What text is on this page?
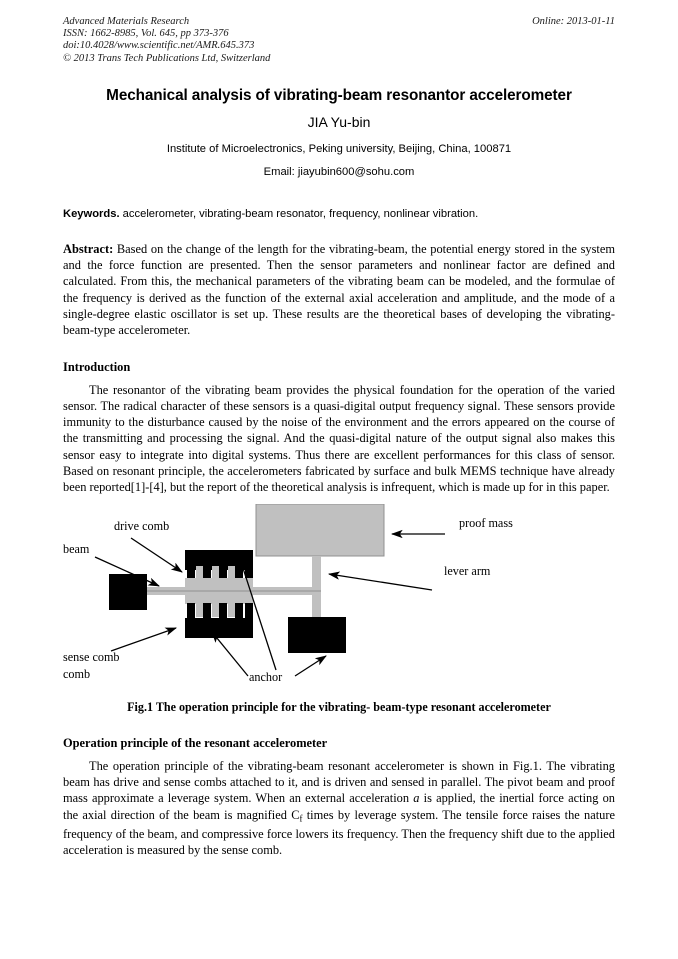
Advanced Materials Research
ISSN: 1662-8985, Vol. 645, pp 373-376
doi:10.4028/www.scientific.net/AMR.645.373
© 2013 Trans Tech Publications Ltd, Switzerland
Online: 2013-01-11
Mechanical analysis of vibrating-beam resonantor accelerometer
JIA Yu-bin
Institute of Microelectronics, Peking university, Beijing, China, 100871
Email: jiayubin600@sohu.com
Keywords. accelerometer, vibrating-beam resonator, frequency, nonlinear vibration.
Abstract: Based on the change of the length for the vibrating-beam, the potential energy stored in the system and the force function are presented. Then the sensor parameters and nonlinear factor are defined and calculated. From this, the mechanical parameters of the vibrating beam can be modeled, and the formulae of the frequency is derived as the function of the external axial acceleration and amplitude, and the mode of a single-degree elastic oscillator is set up. These results are the theoretical bases of developing the vibrating-beam-type accelerometer.
Introduction
The resonantor of the vibrating beam provides the physical foundation for the operation of the varied sensor. The radical character of these sensors is a quasi-digital output frequency signal. These sensors provide immunity to the disturbance caused by the noise of the environment and the errors appeared on the course of the transmitting and processing the signal. And the quasi-digital nature of the output signal also makes this sensor easy to integrate into digital systems. Thus there are excellent performances for this class of sensor. Based on resonant principle, the accelerometers fabricated by surface and bulk MEMS technique have already been reported[1]-[4], but the report of the theoretical analysis is infrequent, which is made up for in this paper.
drive comb
beam
proof mass
lever arm
sense comb
comb	anchor
Fig.1 The operation principle for the vibrating- beam-type resonant accelerometer
Operation principle of the resonant accelerometer
The operation principle of the vibrating-beam resonant accelerometer is shown in Fig.1. The vibrating beam has drive and sense combs attached to it, and is driven and sensed in parallel. The pivot beam and proof mass approximate a leverage system. When an external acceleration a is applied, the inertial force acting on the axial direction of the beam is magnified $C_f$ times by leverage system. The tensile force raises the nature frequency of the beam, and compressive force lowers its frequency. Then the frequency shift due to the applied acceleration is measured by the sense comb.
